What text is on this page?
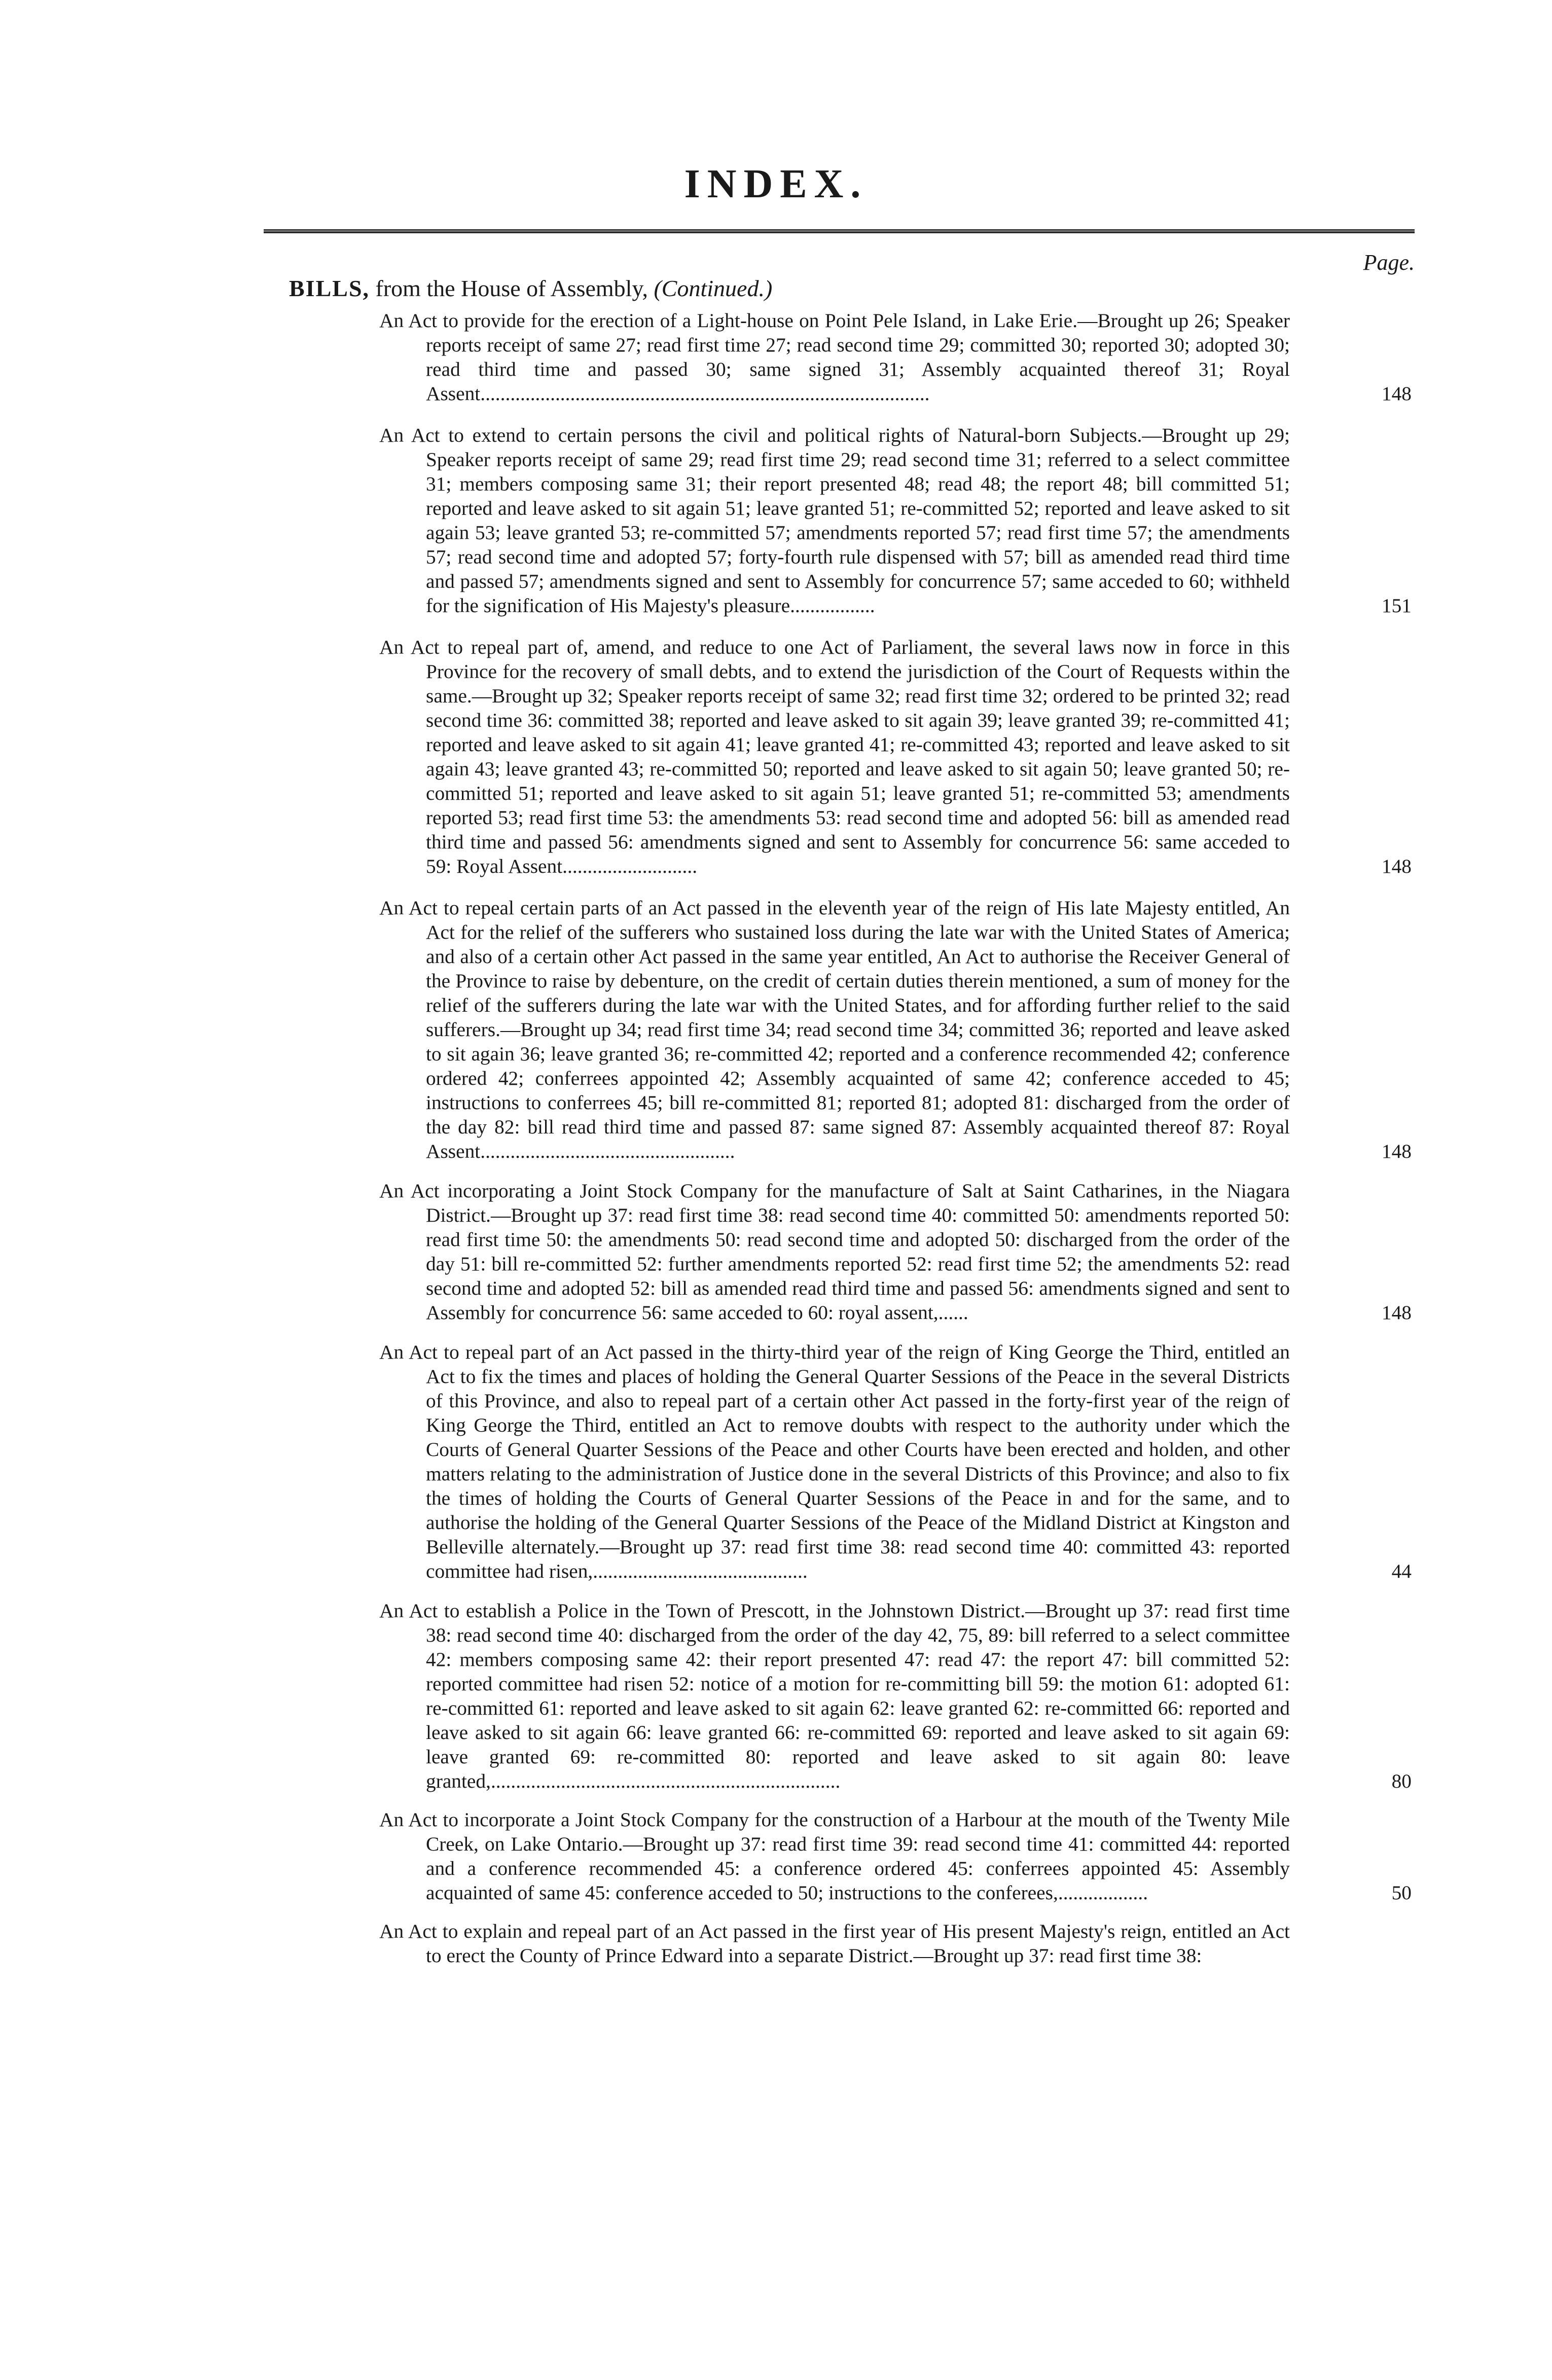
INDEX.
Page.
BILLS, from the House of Assembly, (Continued.)

An Act to provide for the erection of a Light-house on Point Pele Island, in Lake Erie.—Brought up 26; Speaker reports receipt of same 27; read first time 27; read second time 29; committed 30; reported 30; adopted 30; read third time and passed 30; same signed 31; Assembly acquainted thereof 31; Royal Assent..........................................................................................	148

An Act to extend to certain persons the civil and political rights of Natural-born Subjects.—Brought up 29; Speaker reports receipt of same 29; read first time 29; read second time 31; referred to a select committee 31; members composing same 31; their report presented 48; read 48; the report 48; bill committed 51; reported and leave asked to sit again 51; leave granted 51; re-committed 52; reported and leave asked to sit again 53; leave granted 53; re-committed 57; amendments reported 57; read first time 57; the amendments 57; read second time and adopted 57; forty-fourth rule dispensed with 57; bill as amended read third time and passed 57; amendments signed and sent to Assembly for concurrence 57; same acceded to 60; withheld for the signification of His Majesty's pleasure.................	151

An Act to repeal part of, amend, and reduce to one Act of Parliament, the several laws now in force in this Province for the recovery of small debts, and to extend the jurisdiction of the Court of Requests within the same.—Brought up 32; Speaker reports receipt of same 32; read first time 32; ordered to be printed 32; read second time 36: committed 38; reported and leave asked to sit again 39; leave granted 39; re-committed 41; reported and leave asked to sit again 41; leave granted 41; re-committed 43; reported and leave asked to sit again 43; leave granted 43; re-committed 50; reported and leave asked to sit again 50; leave granted 50; re-committed 51; reported and leave asked to sit again 51; leave granted 51; re-committed 53; amendments reported 53; read first time 53: the amendments 53: read second time and adopted 56: bill as amended read third time and passed 56: amendments signed and sent to Assembly for concurrence 56: same acceded to 59: Royal Assent...........................	148

An Act to repeal certain parts of an Act passed in the eleventh year of the reign of His late Majesty entitled, An Act for the relief of the sufferers who sustained loss during the late war with the United States of America; and also of a certain other Act passed in the same year entitled, An Act to authorise the Receiver General of the Province to raise by debenture, on the credit of certain duties therein mentioned, a sum of money for the relief of the sufferers during the late war with the United States, and for affording further relief to the said sufferers.—Brought up 34; read first time 34; read second time 34; committed 36; reported and leave asked to sit again 36; leave granted 36; re-committed 42; reported and a conference recommended 42; conference ordered 42; conferrees appointed 42; Assembly acquainted of same 42; conference acceded to 45; instructions to conferrees 45; bill re-committed 81; reported 81; adopted 81: discharged from the order of the day 82: bill read third time and passed 87: same signed 87: Assembly acquainted thereof 87: Royal Assent...................................................	148

An Act incorporating a Joint Stock Company for the manufacture of Salt at Saint Catharines, in the Niagara District.—Brought up 37: read first time 38: read second time 40: committed 50: amendments reported 50: read first time 50: the amendments 50: read second time and adopted 50: discharged from the order of the day 51: bill re-committed 52: further amendments reported 52: read first time 52; the amendments 52: read second time and adopted 52: bill as amended read third time and passed 56: amendments signed and sent to Assembly for concurrence 56: same acceded to 60: royal assent,......	148

An Act to repeal part of an Act passed in the thirty-third year of the reign of King George the Third, entitled an Act to fix the times and places of holding the General Quarter Sessions of the Peace in the several Districts of this Province, and also to repeal part of a certain other Act passed in the forty-first year of the reign of King George the Third, entitled an Act to remove doubts with respect to the authority under which the Courts of General Quarter Sessions of the Peace and other Courts have been erected and holden, and other matters relating to the administration of Justice done in the several Districts of this Province; and also to fix the times of holding the Courts of General Quarter Sessions of the Peace in and for the same, and to authorise the holding of the General Quarter Sessions of the Peace of the Midland District at Kingston and Belleville alternately.—Brought up 37: read first time 38: read second time 40: committed 43: reported committee had risen,...........................................	44

An Act to establish a Police in the Town of Prescott, in the Johnstown District.—Brought up 37: read first time 38: read second time 40: discharged from the order of the day 42, 75, 89: bill referred to a select committee 42: members composing same 42: their report presented 47: read 47: the report 47: bill committed 52: reported committee had risen 52: notice of a motion for re-committing bill 59: the motion 61: adopted 61: re-committed 61: reported and leave asked to sit again 62: leave granted 62: re-committed 66: reported and leave asked to sit again 66: leave granted 66: re-committed 69: reported and leave asked to sit again 69: leave granted 69: re-committed 80: reported and leave asked to sit again 80: leave granted,......................................................................	80

An Act to incorporate a Joint Stock Company for the construction of a Harbour at the mouth of the Twenty Mile Creek, on Lake Ontario.—Brought up 37: read first time 39: read second time 41: committed 44: reported and a conference recommended 45: a conference ordered 45: conferrees appointed 45: Assembly acquainted of same 45: conference acceded to 50; instructions to the conferees,..................	50

An Act to explain and repeal part of an Act passed in the first year of His present Majesty's reign, entitled an Act to erect the County of Prince Edward into a separate District.—Brought up 37: read first time 38:
